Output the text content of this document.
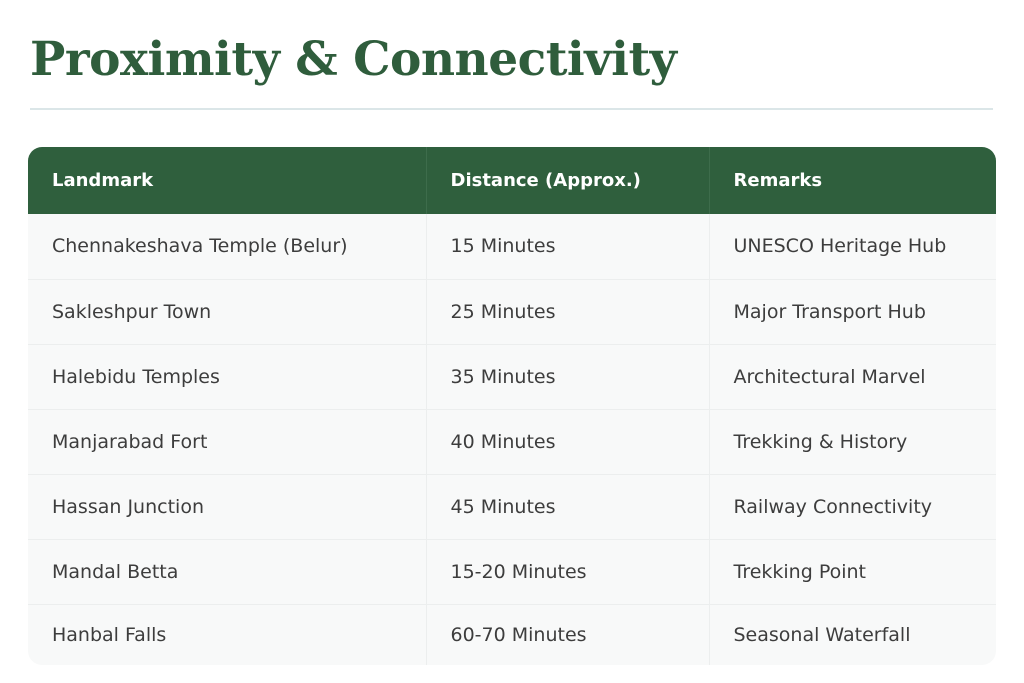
Proximity & Connectivity
Landmark	Distance (Approx.)	Remarks
Chennakeshava Temple (Belur)	15 Minutes	UNESCO Heritage Hub
Sakleshpur Town	25 Minutes	Major Transport Hub
Halebidu Temples	35 Minutes	Architectural Marvel
Manjarabad Fort	40 Minutes	Trekking & History
Hassan Junction	45 Minutes	Railway Connectivity
Mandal Betta	15-20 Minutes	Trekking Point
Hanbal Falls	60-70 Minutes	Seasonal Waterfall
